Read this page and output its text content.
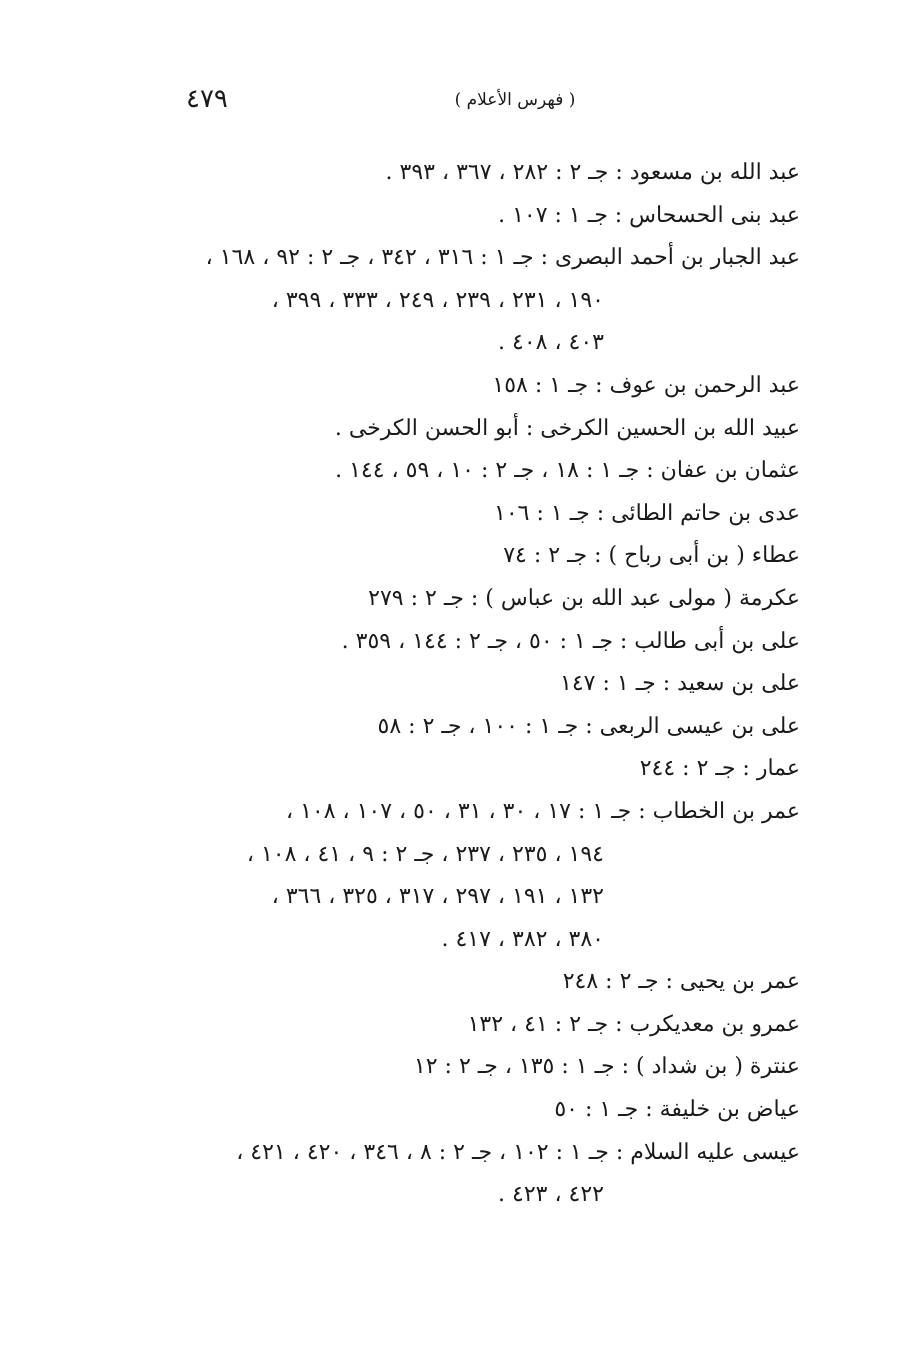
٤٧٩	( فهرس الأعلام )
عبد الله بن مسعود : جـ ٢ : ٢٨٢ ، ٣٦٧ ، ٣٩٣ .
عبد بنى الحسحاس : جـ ١ : ١٠٧ .
عبد الجبار بن أحمد البصرى : جـ ١ : ٣١٦ ، ٣٤٢ ، جـ ٢ : ٩٢ ، ١٦٨ ،
١٩٠ ، ٢٣١ ، ٢٣٩ ، ٢٤٩ ، ٣٣٣ ، ٣٩٩ ،
٤٠٣ ، ٤٠٨ .
عبد الرحمن بن عوف : جـ ١ : ١٥٨
عبيد الله بن الحسين الكرخى : أبو الحسن الكرخى .
عثمان بن عفان : جـ ١ : ١٨ ، جـ ٢ : ١٠ ، ٥٩ ، ١٤٤ .
عدى بن حاتم الطائى : جـ ١ : ١٠٦
عطاء ( بن أبى رباح ) : جـ ٢ : ٧٤
عكرمة ( مولى عبد الله بن عباس ) : جـ ٢ : ٢٧٩
على بن أبى طالب : جـ ١ : ٥٠ ، جـ ٢ : ١٤٤ ، ٣٥٩ .
على بن سعيد : جـ ١ : ١٤٧
على بن عيسى الربعى : جـ ١ : ١٠٠ ، جـ ٢ : ٥٨
عمار : جـ ٢ : ٢٤٤
عمر بن الخطاب : جـ ١ : ١٧ ، ٣٠ ، ٣١ ، ٥٠ ، ١٠٧ ، ١٠٨ ،
١٩٤ ، ٢٣٥ ، ٢٣٧ ، جـ ٢ : ٩ ، ٤١ ، ١٠٨ ،
١٣٢ ، ١٩١ ، ٢٩٧ ، ٣١٧ ، ٣٢٥ ، ٣٦٦ ،
٣٨٠ ، ٣٨٢ ، ٤١٧ .
عمر بن يحيى : جـ ٢ : ٢٤٨
عمرو بن معديكرب : جـ ٢ : ٤١ ، ١٣٢
عنترة ( بن شداد ) : جـ ١ : ١٣٥ ، جـ ٢ : ١٢
عياض بن خليفة : جـ ١ : ٥٠
عيسى عليه السلام : جـ ١ : ١٠٢ ، جـ ٢ : ٨ ، ٣٤٦ ، ٤٢٠ ، ٤٢١ ،
٤٢٢ ، ٤٢٣ .
